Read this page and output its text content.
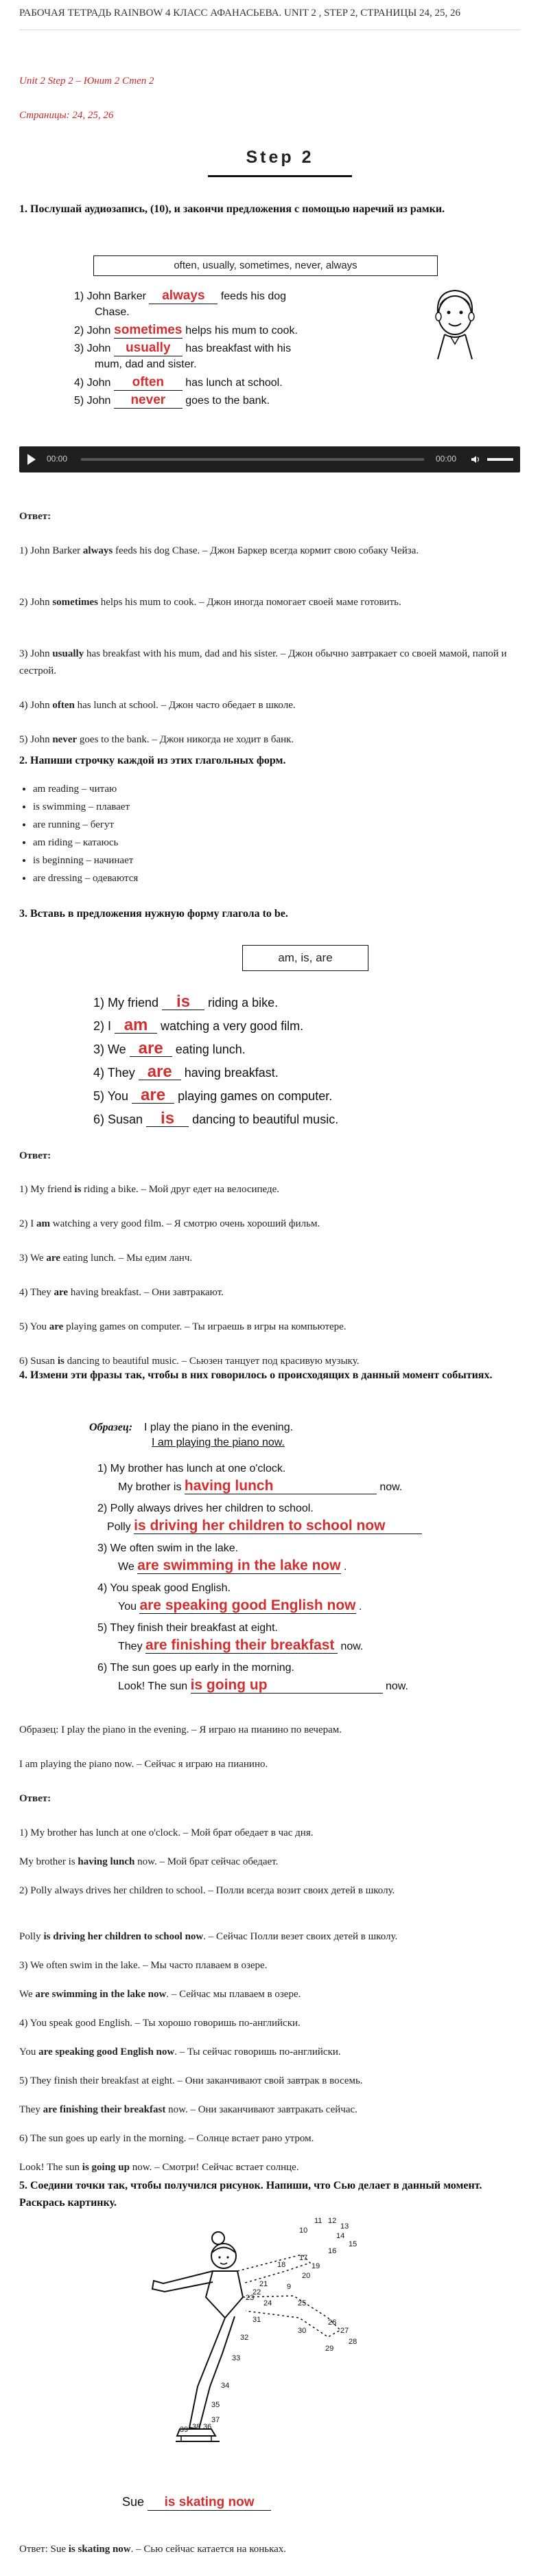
РАБОЧАЯ ТЕТРАДЬ RAINBOW 4 КЛАСС АФАНАСЬЕВА. UNIT 2 , STEP 2, СТРАНИЦЫ 24, 25, 26
Unit 2 Step 2 – Юнит 2 Степ 2
Страницы: 24, 25, 26
Step 2
1. Послушай аудиозапись, (10), и закончи предложения с помощью наречий из рамки.
often, usually, sometimes, never, always
1) John Barker always feeds his dog
Chase.
2) John sometimes helps his mum to cook.
3) John usually has breakfast with his
mum, dad and sister.
4) John often has lunch at school.
5) John never goes to the bank.
00:00	00:00
Ответ:
1) John Barker always feeds his dog Chase. – Джон Баркер всегда кормит свою собаку Чейза.
2) John sometimes helps his mum to cook. – Джон иногда помогает своей маме готовить.
3) John usually has breakfast with his mum, dad and his sister. – Джон обычно завтракает со своей мамой, папой и сестрой.
4) John often has lunch at school. – Джон часто обедает в школе.
5) John never goes to the bank. – Джон никогда не ходит в банк.
2. Напиши строчку каждой из этих глагольных форм.
• am reading – читаю
• is swimming – плавает
• are running – бегут
• am riding – катаюсь
• is beginning – начинает
• are dressing – одеваются
3. Вставь в предложения нужную форму глагола to be.
am, is, are
1) My friend is riding a bike.
2) I am watching a very good film.
3) We are eating lunch.
4) They are having breakfast.
5) You are playing games on computer.
6) Susan is dancing to beautiful music.
Ответ:
1) My friend is riding a bike. – Мой друг едет на велосипеде.
2) I am watching a very good film. – Я смотрю очень хороший фильм.
3) We are eating lunch. – Мы едим ланч.
4) They are having breakfast. – Они завтракают.
5) You are playing games on computer. – Ты играешь в игры на компьютере.
6) Susan is dancing to beautiful music. – Сьюзен танцует под красивую музыку.
4. Измени эти фразы так, чтобы в них говорилось о происходящих в данный момент событиях.
Образец: I play the piano in the evening.
I am playing the piano now.
1) My brother has lunch at one o'clock.
My brother is having lunch	now.
2) Polly always drives her children to school.
Polly is driving her children to school now
3) We often swim in the lake.
We are swimming in the lake now .
4) You speak good English.
You are speaking good English now .
5) They finish their breakfast at eight.
They are finishing their breakfast now.
6) The sun goes up early in the morning.
Look! The sun is going up	now.
Образец: I play the piano in the evening. – Я играю на пианино по вечерам.
I am playing the piano now. – Сейчас я играю на пианино.
Ответ:
1) My brother has lunch at one o'clock. – Мой брат обедает в час дня.
My brother is having lunch now. – Мой брат сейчас обедает.
2) Polly always drives her children to school. – Полли всегда возит своих детей в школу.
Polly is driving her children to school now. – Сейчас Полли везет своих детей в школу.
3) We often swim in the lake. – Мы часто плаваем в озере.
We are swimming in the lake now. – Сейчас мы плаваем в озере.
4) You speak good English. – Ты хорошо говоришь по-английски.
You are speaking good English now. – Ты сейчас говоришь по-английски.
5) They finish their breakfast at eight. – Они заканчивают свой завтрак в восемь.
They are finishing their breakfast now. – Они заканчивают завтракать сейчас.
6) The sun goes up early in the morning. – Солнце встает рано утром.
Look! The sun is going up now. – Смотри! Сейчас встает солнце.
5. Соедини точки так, чтобы получился рисунок. Напиши, что Сью делает в данный момент. Раскрась картинку.
11 12
13
10
14
15
16
17
18
9
19
20
21
22
23
24	25
26
27
28
29
30
31
32
33
34
35
36
37
38
39
Sue is skating now
Ответ: Sue is skating now. – Сью сейчас катается на коньках.
